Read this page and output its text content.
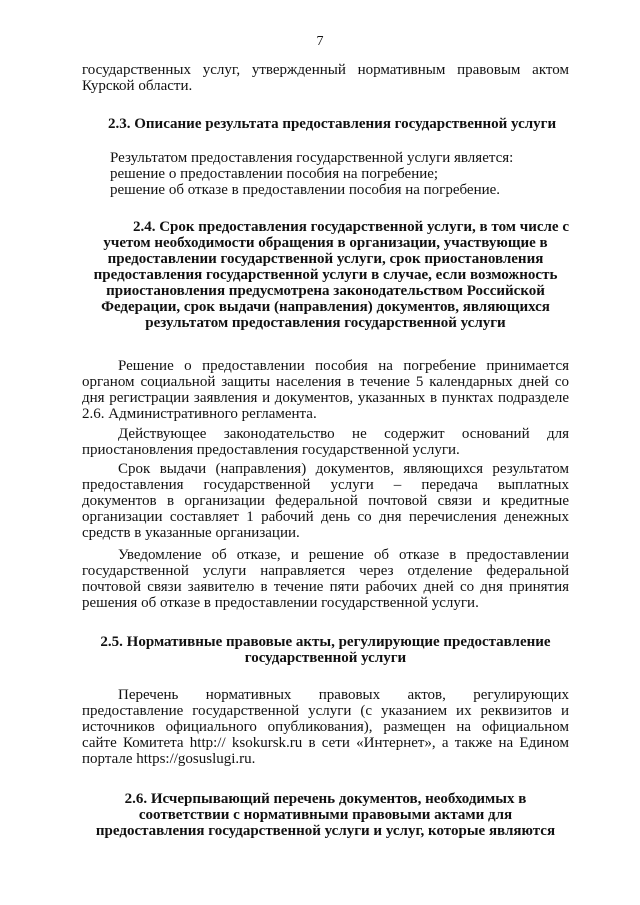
7
государственных услуг, утвержденный нормативным правовым актом
Курской области.
2.3. Описание результата предоставления государственной услуги
Результатом предоставления государственной услуги является:
решение о предоставлении пособия на погребение;
решение об отказе в предоставлении пособия на погребение.
2.4. Срок предоставления государственной услуги, в том числе с
учетом необходимости обращения в организации, участвующие в
предоставлении государственной услуги, срок приостановления
предоставления государственной услуги в случае, если возможность
приостановления предусмотрена законодательством Российской
Федерации, срок выдачи (направления) документов, являющихся
результатом предоставления государственной услуги
Решение о предоставлении пособия на погребение принимается
органом социальной защиты населения в течение 5 календарных дней со
дня регистрации заявления и документов, указанных в пунктах подразделе
2.6. Административного регламента.
Действующее законодательство не содержит оснований для
приостановления предоставления государственной услуги.
Срок выдачи (направления) документов, являющихся результатом
предоставления государственной услуги – передача выплатных
документов в организации федеральной почтовой связи и кредитные
организации составляет 1 рабочий день со дня перечисления денежных
средств в указанные организации.
Уведомление об отказе, и решение об отказе в предоставлении
государственной услуги направляется через отделение федеральной
почтовой связи заявителю в течение пяти рабочих дней со дня принятия
решения об отказе в предоставлении государственной услуги.
2.5. Нормативные правовые акты, регулирующие предоставление
государственной услуги
Перечень нормативных правовых актов, регулирующих
предоставление государственной услуги (с указанием их реквизитов и
источников официального опубликования), размещен на официальном
сайте Комитета http:// ksokursk.ru в сети «Интернет», а также на Едином
портале https://gosuslugi.ru.
2.6. Исчерпывающий перечень документов, необходимых в
соответствии с нормативными правовыми актами для
предоставления государственной услуги и услуг, которые являются
